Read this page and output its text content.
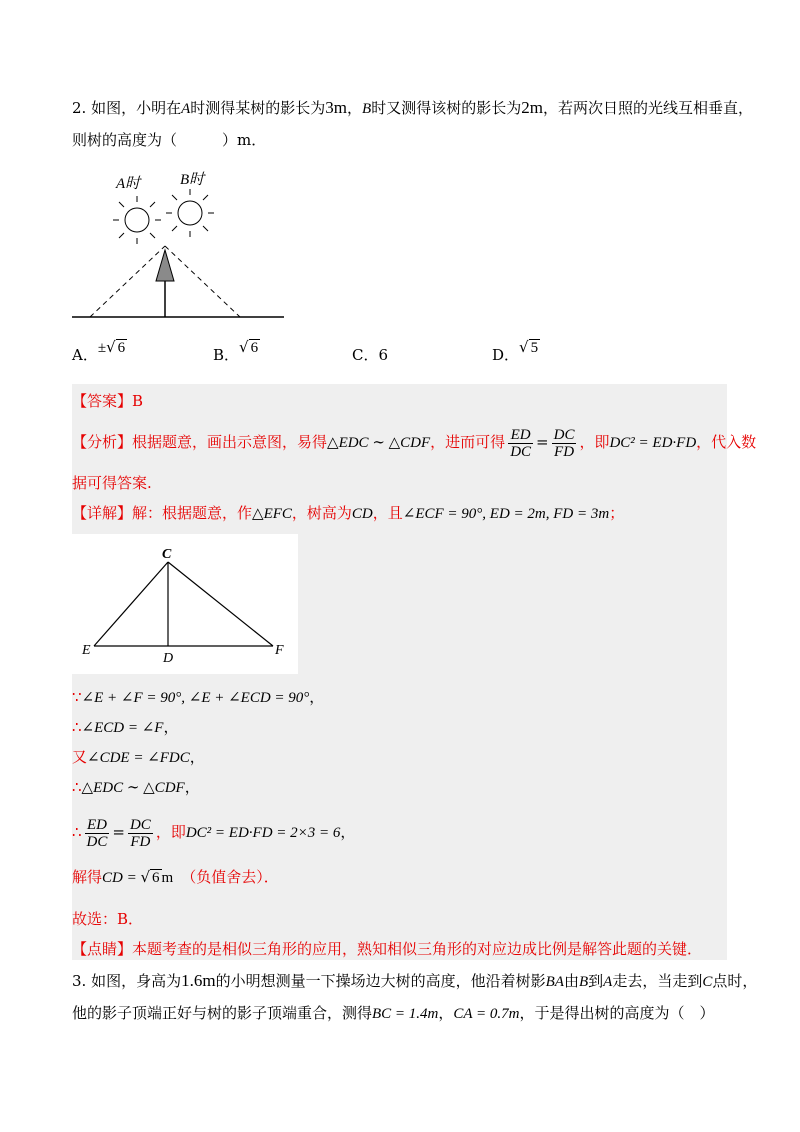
2. 如图，小明在A时测得某树的影长为3m，B时又测得该树的影长为2m，若两次日照的光线互相垂直，
则树的高度为（　　　）m．
A时	B时
A．±√ 6	B．√ 6	C．6	D．√ 5
【答案】B
【分析】根据题意，画出示意图，易得△EDC ∼ △CDF，进而可得 $\frac{ED}{DC} = \frac{DC}{FD}$ ，即DC² = ED·FD，代入数
据可得答案.
【详解】解：根据题意，作△EFC，树高为CD，且∠ECF = 90°, ED = 2m, FD = 3m；
C
E
D
F
∵∠E + ∠F = 90°, ∠E + ∠ECD = 90°，
∴∠ECD = ∠F，
又∠CDE = ∠FDC，
∴△EDC ∼ △CDF，
∴ $\frac{ED}{DC} = \frac{DC}{FD}$ ，即DC² = ED·FD = 2×3 = 6，
解得CD = √ 6 m （负值舍去）．
故选：B．
【点睛】本题考查的是相似三角形的应用，熟知相似三角形的对应边成比例是解答此题的关键．
3. 如图，身高为1.6m的小明想测量一下操场边大树的高度，他沿着树影BA由B到A走去，当走到C点时，
他的影子顶端正好与树的影子顶端重合，测得BC = 1.4m，CA = 0.7m，于是得出树的高度为（　）
